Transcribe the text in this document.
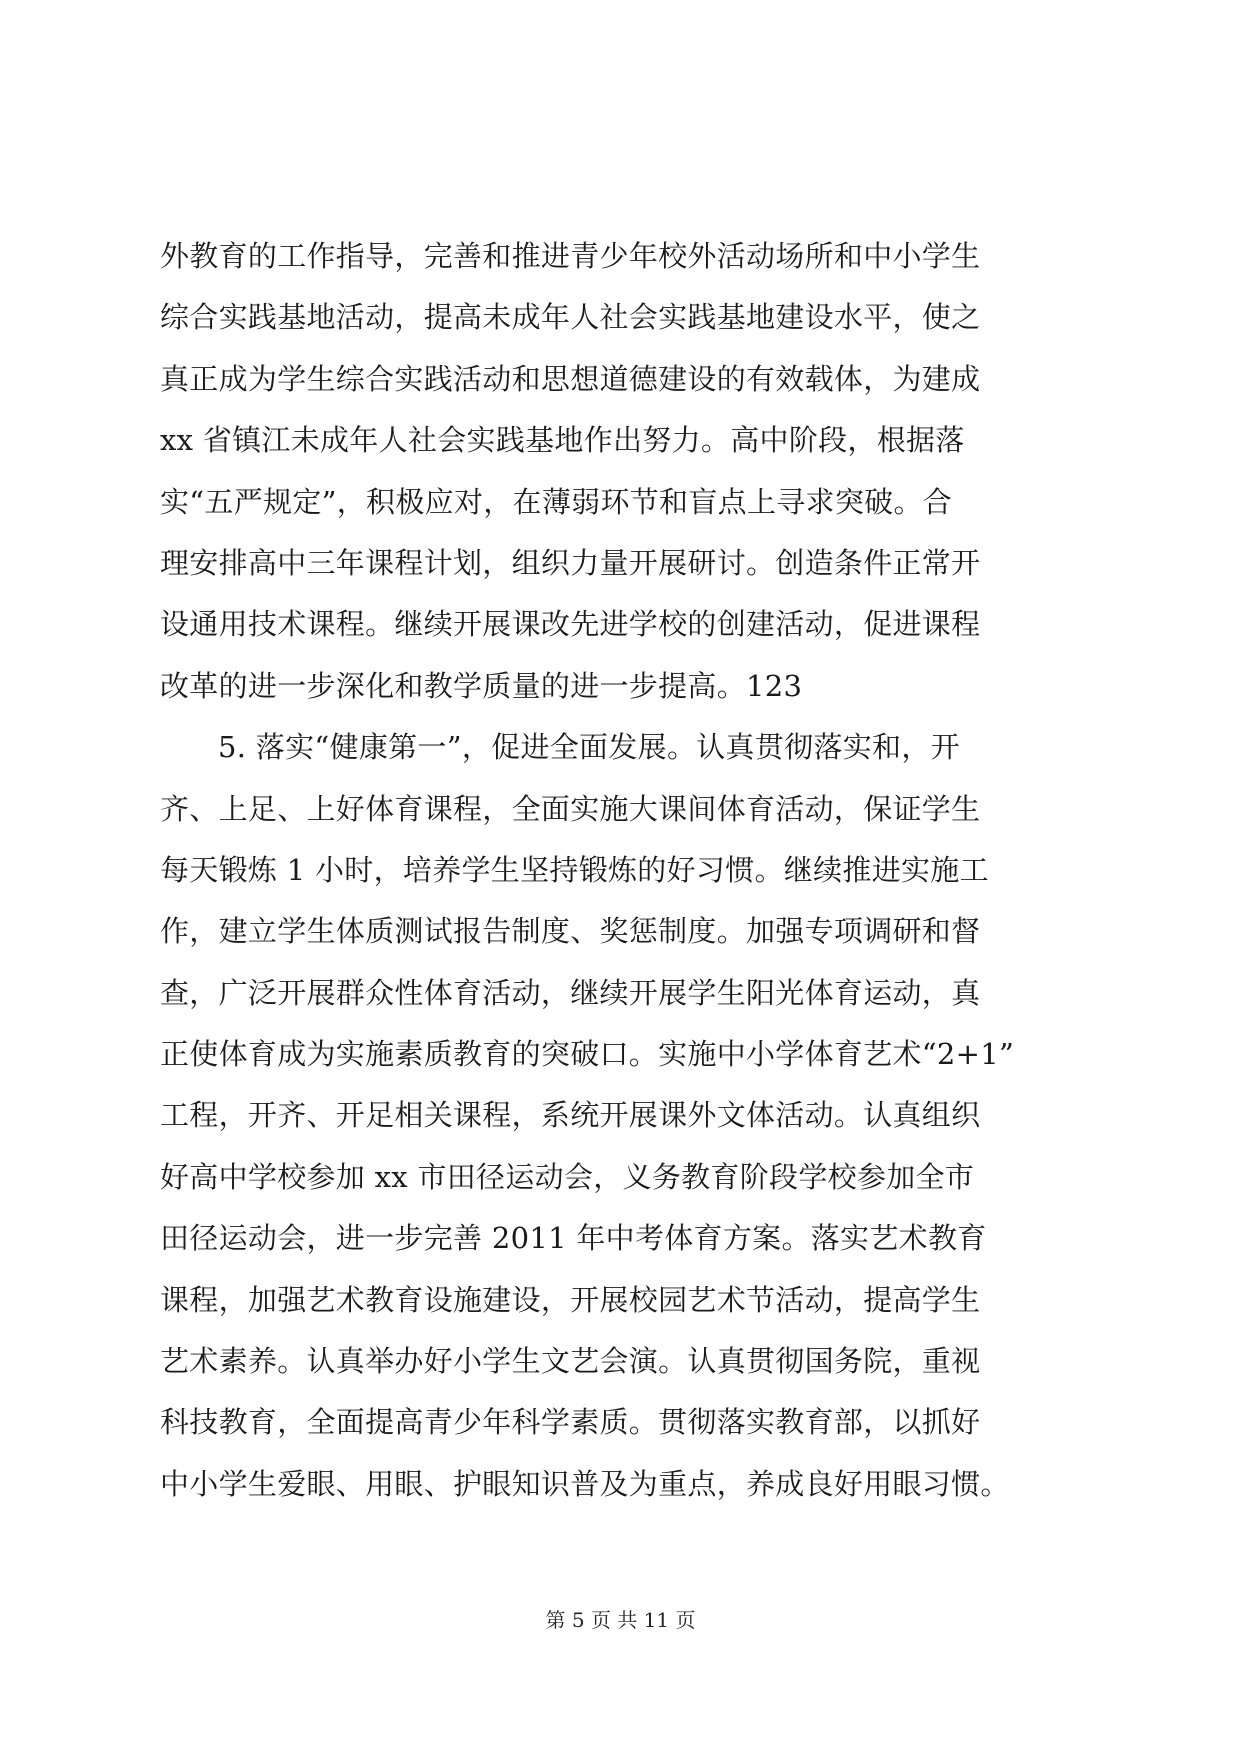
外教育的工作指导，完善和推进青少年校外活动场所和中小学生
综合实践基地活动，提高未成年人社会实践基地建设水平，使之
真正成为学生综合实践活动和思想道德建设的有效载体，为建成
xx 省镇江未成年人社会实践基地作出努力。高中阶段，根据落
实“五严规定”，积极应对，在薄弱环节和盲点上寻求突破。合
理安排高中三年课程计划，组织力量开展研讨。创造条件正常开
设通用技术课程。继续开展课改先进学校的创建活动，促进课程
改革的进一步深化和教学质量的进一步提高。123
5. 落实“健康第一”，促进全面发展。认真贯彻落实和，开
齐、上足、上好体育课程，全面实施大课间体育活动，保证学生
每天锻炼 1 小时，培养学生坚持锻炼的好习惯。继续推进实施工
作，建立学生体质测试报告制度、奖惩制度。加强专项调研和督
查，广泛开展群众性体育活动，继续开展学生阳光体育运动，真
正使体育成为实施素质教育的突破口。实施中小学体育艺术“2+1”
工程，开齐、开足相关课程，系统开展课外文体活动。认真组织
好高中学校参加 xx 市田径运动会，义务教育阶段学校参加全市
田径运动会，进一步完善 2011 年中考体育方案。落实艺术教育
课程，加强艺术教育设施建设，开展校园艺术节活动，提高学生
艺术素养。认真举办好小学生文艺会演。认真贯彻国务院，重视
科技教育，全面提高青少年科学素质。贯彻落实教育部，以抓好
中小学生爱眼、用眼、护眼知识普及为重点，养成良好用眼习惯。
第 5 页 共 11 页
